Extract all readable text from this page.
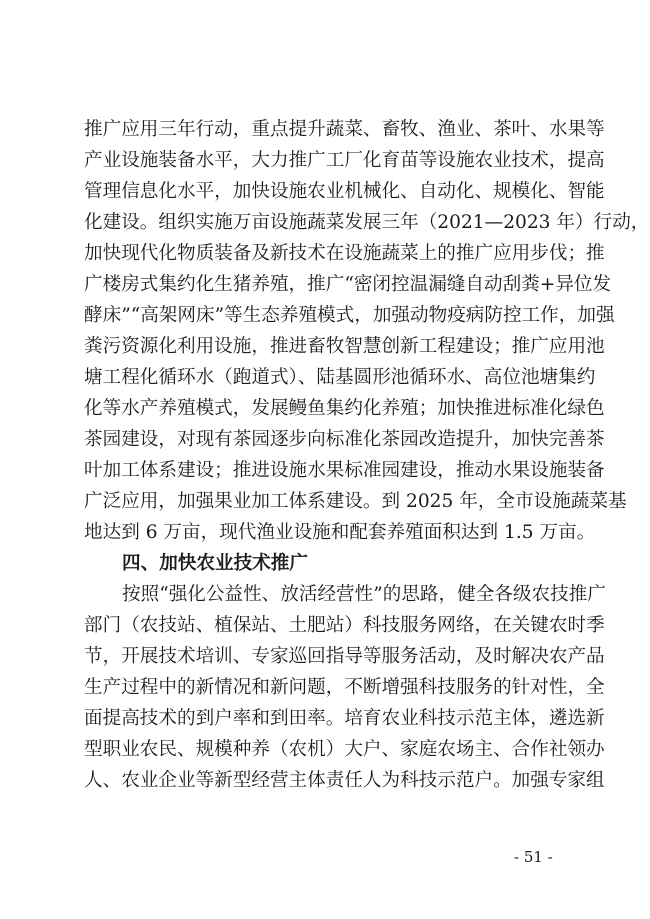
推广应用三年行动，重点提升蔬菜、畜牧、渔业、茶叶、水果等
产业设施装备水平，大力推广工厂化育苗等设施农业技术，提高
管理信息化水平，加快设施农业机械化、自动化、规模化、智能
化建设。组织实施万亩设施蔬菜发展三年（2021—2023 年）行动，
加快现代化物质装备及新技术在设施蔬菜上的推广应用步伐；推
广楼房式集约化生猪养殖，推广“密闭控温漏缝自动刮粪+异位发
酵床”“高架网床”等生态养殖模式，加强动物疫病防控工作，加强
粪污资源化利用设施，推进畜牧智慧创新工程建设；推广应用池
塘工程化循环水（跑道式）、陆基圆形池循环水、高位池塘集约
化等水产养殖模式，发展鳗鱼集约化养殖；加快推进标准化绿色
茶园建设，对现有茶园逐步向标准化茶园改造提升，加快完善茶
叶加工体系建设；推进设施水果标准园建设，推动水果设施装备
广泛应用，加强果业加工体系建设。到 2025 年，全市设施蔬菜基
地达到 6 万亩，现代渔业设施和配套养殖面积达到 1.5 万亩。
四、加快农业技术推广
按照“强化公益性、放活经营性”的思路，健全各级农技推广
部门（农技站、植保站、土肥站）科技服务网络，在关键农时季
节，开展技术培训、专家巡回指导等服务活动，及时解决农产品
生产过程中的新情况和新问题，不断增强科技服务的针对性，全
面提高技术的到户率和到田率。培育农业科技示范主体，遴选新
型职业农民、规模种养（农机）大户、家庭农场主、合作社领办
人、农业企业等新型经营主体责任人为科技示范户。加强专家组
- 51 -
